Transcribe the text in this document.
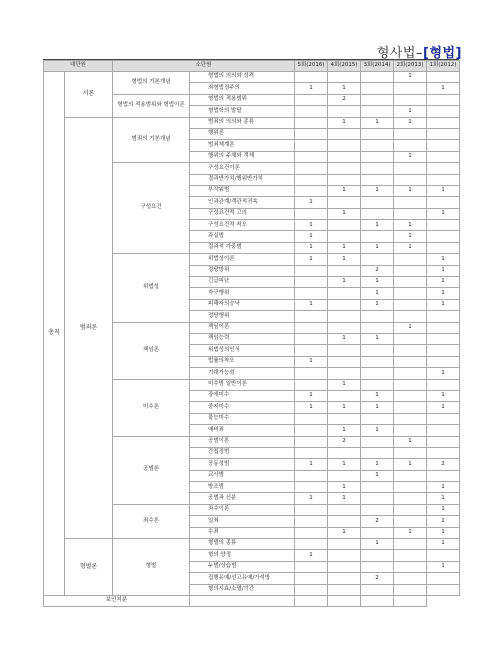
형사법–[형법]
대단원		소단원		5회(2016)	4회(2015)	3회(2014)	2회(2013)	1회(2012)
총칙	서론	형법의 기본개념	형법의 의의와 성격				1	
			죄형법정주의	1	1			1
		형법의 적용범위와 형법이론	형법의 적용범위		2			
			형법학의 발달				1	
	범죄론	범죄의 기본개념	범죄의 의의와 종류		1	1	1	
			행위론					
			범죄체계론					
			행위의 주체와 객체				1	
		구성요건	구성요건이론					
			결과반가치/행위반가치					
			부작위범		1	1	1	1
			인과관계/객관적귀속	1				
			구성요건적 고의		1			1
			구성요건적 착오	1		1	1	
			과실범	1			1	
			결과적 가중범	1	1	1	1	
		위법성	위법성이론	1	1			1
			정당방위			2		1
			긴급피난		1	1		1
			자구행위			1		1
			피해자의승낙	1		1		1
			정당행위					
		책임론	책임이론				1	
			책임능력		1	1		
			위법성의인식					
			법률의착오	1				
			기대가능성					1
		미수론	미수범 일반이론		1			
			장애미수	1		1		1
			중지미수	1	1	1		1
			불능미수					
			예비죄		1	1		
		공범론	공범이론		2		1	
			간접정범					
			공동정범	1	1	1	1	2
			교사범			1		
			방조범		1			1
			공범과 신분	1	1			1
		죄수론	죄수이론					1
			일죄			2		1
			수죄		1		1	1
	형벌론	형벌	형벌의 종류			1		1
			형의 양정	1				
			누범/상습범					1
			집행유예/선고유예/가석방			2		
			형의시효/소멸/기간					
보안처분								
